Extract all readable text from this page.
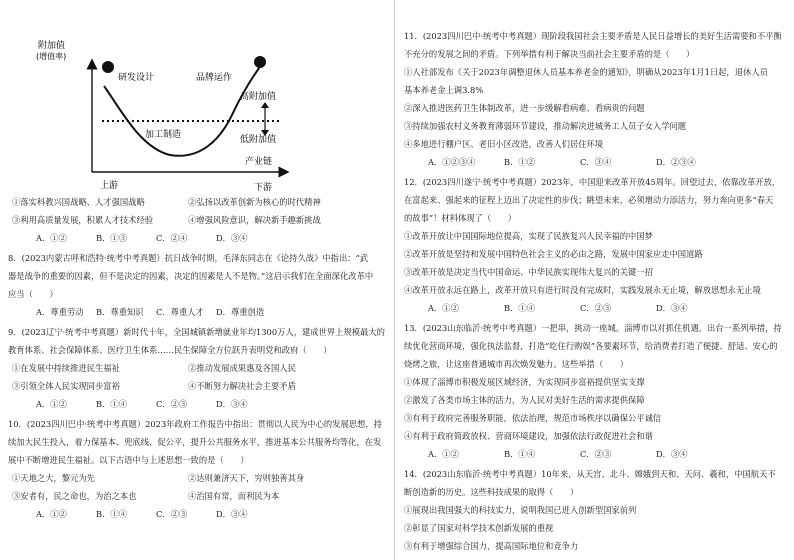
附加值
(增值率)
研发设计	品牌运作
高附加值
加工制造	低附加值
产业链
上游	下游
①落实科教兴国战略、人才强国战略	②弘扬以改革创新为核心的时代精神
③利用高质量发展，积累人才技术经验	④增强风险意识，解决新手趣新挑战
A．①②	B．①③	C．②④	D．③④
8．(2023内蒙古呼和浩特·统考中考真题）抗日战争时期，毛泽东同志在《论持久战》中指出：“武
器是战争的重要的因素，但不是决定的因素，决定的因素是人不是物。”这启示我们在全面深化改革中
应当（　　）
A．尊重劳动 B．尊重知识 C．尊重人才 D．尊重创造
9．(2023辽宁·统考中考真题）新时代十年，全国城镇新增就业年均1300万人，建成世界上规模最大的
教育体系、社会保障体系、医疗卫生体系……民生保障全方位跃升表明党和政府（　　）
①在发展中持续推进民生福祉	②推动发展成果惠及各国人民
③引领全体人民实现同步富裕	④不断努力解决社会主要矛盾
A．①②	B．①④	C．②③	D．③④
10．(2023四川巴中·统考中考真题）2023年政府工作报告中指出：贯彻以人民为中心的发展思想，持
续加大民生投入，着力保基本、兜底线、促公平，提升公共服务水平，推进基本公共服务均等化，在发
展中不断增进民生福祉。以下古语中与上述思想一致的是（　　）
①天地之大，黎元为先	②达则兼济天下，穷则独善其身
③安者有，民之命也，为治之本也	④治国有常，而利民为本
A．①②	B．①④	C．②③	D．③④
11．(2023四川巴中·统考中考真题）现阶段我国社会主要矛盾是人民日益增长的美好生活需要和不平衡
不充分的发展之间的矛盾。下列举措有利于解决当前社会主要矛盾的是（　　）
①人社部发布《关于2023年调整退休人员基本养老金的通知》，明确从2023年1月1日起，退休人员
基本养老金上调3.8%
②深入推进医药卫生体制改革，进一步缓解看病难、看病贵的问题
③持续加强农村义务教育薄弱环节建设，推动解决进城务工人员子女入学问题
④多地进行棚户区、老旧小区改造，改善人们居住环境
A．①②③④	B．①②	C．③④	D．②③④
12．(2023四川遂宁·统考中考真题）2023年，中国迎来改革开放45周年。回望过去，依靠改革开放，
在富起来、强起来的征程上迈出了决定性的步伐；眺望未来，必须增动力添活力，努力奔向更多“春天
的故事”！材料体现了（　　）
①改革开放让中国国际地位提高，实现了民族复兴人民幸福的中国梦
②改革开放是坚持和发展中国特色社会主义的必由之路，发展中国家应走中国道路
③改革开放是决定当代中国命运、中华民族实现伟大复兴的关键一招
④改革开放永远在路上，改革开放只有进行时没有完成时，实践发展永无止境，解放思想永无止境
A．①②	B．①④	C．②③	D．③④
13．(2023山东临沂·统考中考真题）一把串，挑动一座城。淄博市以对抓住机遇，出台一系列举措，持
续优化营商环境，强化执法监督，打造“吃住行购娱”各要素环节，给消费者打造了便捷、舒适、安心的
烧烤之旅，让这座普通城市再次焕发魅力。这些举措（　　）
①体现了淄博市积极发展区域经济，为实现同步富裕提供坚实支撑
②激发了各类市场主体的活力，为人民对美好生活的需求提供保障
③有利于政府完善服务职能，依法治理，规范市场秩序以确保公平诚信
④有利于政府简政放权、营商环境建设，加强依法行政促进社会和谐
A．①②	B．①④	C．②③	D．③④
14．(2023山东临沂·统考中考真题）10年来，从天宫、北斗、嫦娥到天和、天问、羲和，中国航天不
断创造新的历史。这些科技成果的取得（　　）
①展现出我国强大的科技实力，说明我国已进入创新型国家前列
②彰显了国家对科学技术创新发展的重视
③有利于增强综合国力，提高国际地位和竞争力
